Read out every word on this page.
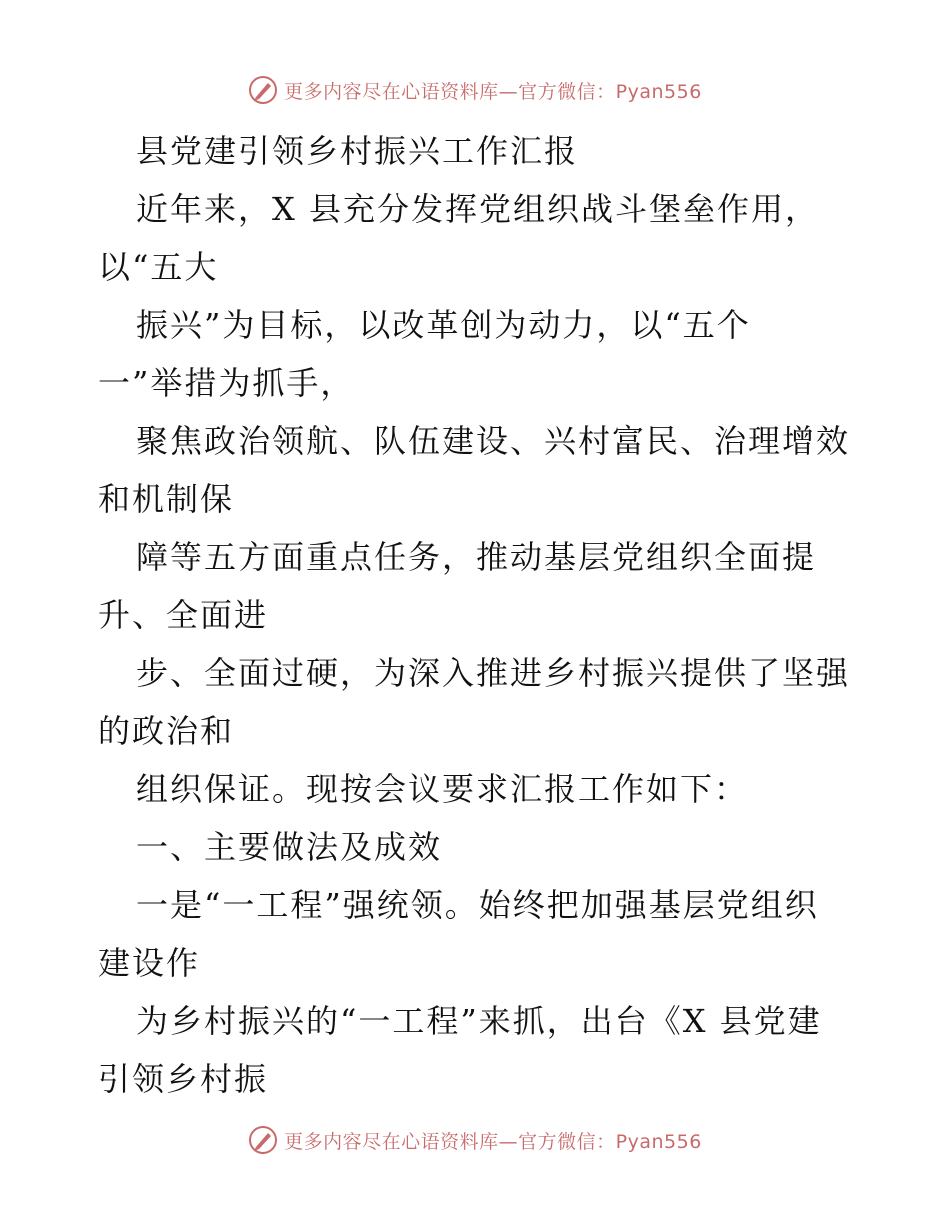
更多内容尽在心语资料库—官方微信：Pyan556
县党建引领乡村振兴工作汇报
近年来，X 县充分发挥党组织战斗堡垒作用，
以“五大
振兴”为目标，以改革创为动力，以“五个
一”举措为抓手，
聚焦政治领航、队伍建设、兴村富民、治理增效
和机制保
障等五方面重点任务，推动基层党组织全面提
升、全面进
步、全面过硬，为深入推进乡村振兴提供了坚强
的政治和
组织保证。现按会议要求汇报工作如下：
一、主要做法及成效
一是“一工程”强统领。始终把加强基层党组织
建设作
为乡村振兴的“一工程”来抓，出台《X 县党建
引领乡村振
更多内容尽在心语资料库—官方微信：Pyan556
